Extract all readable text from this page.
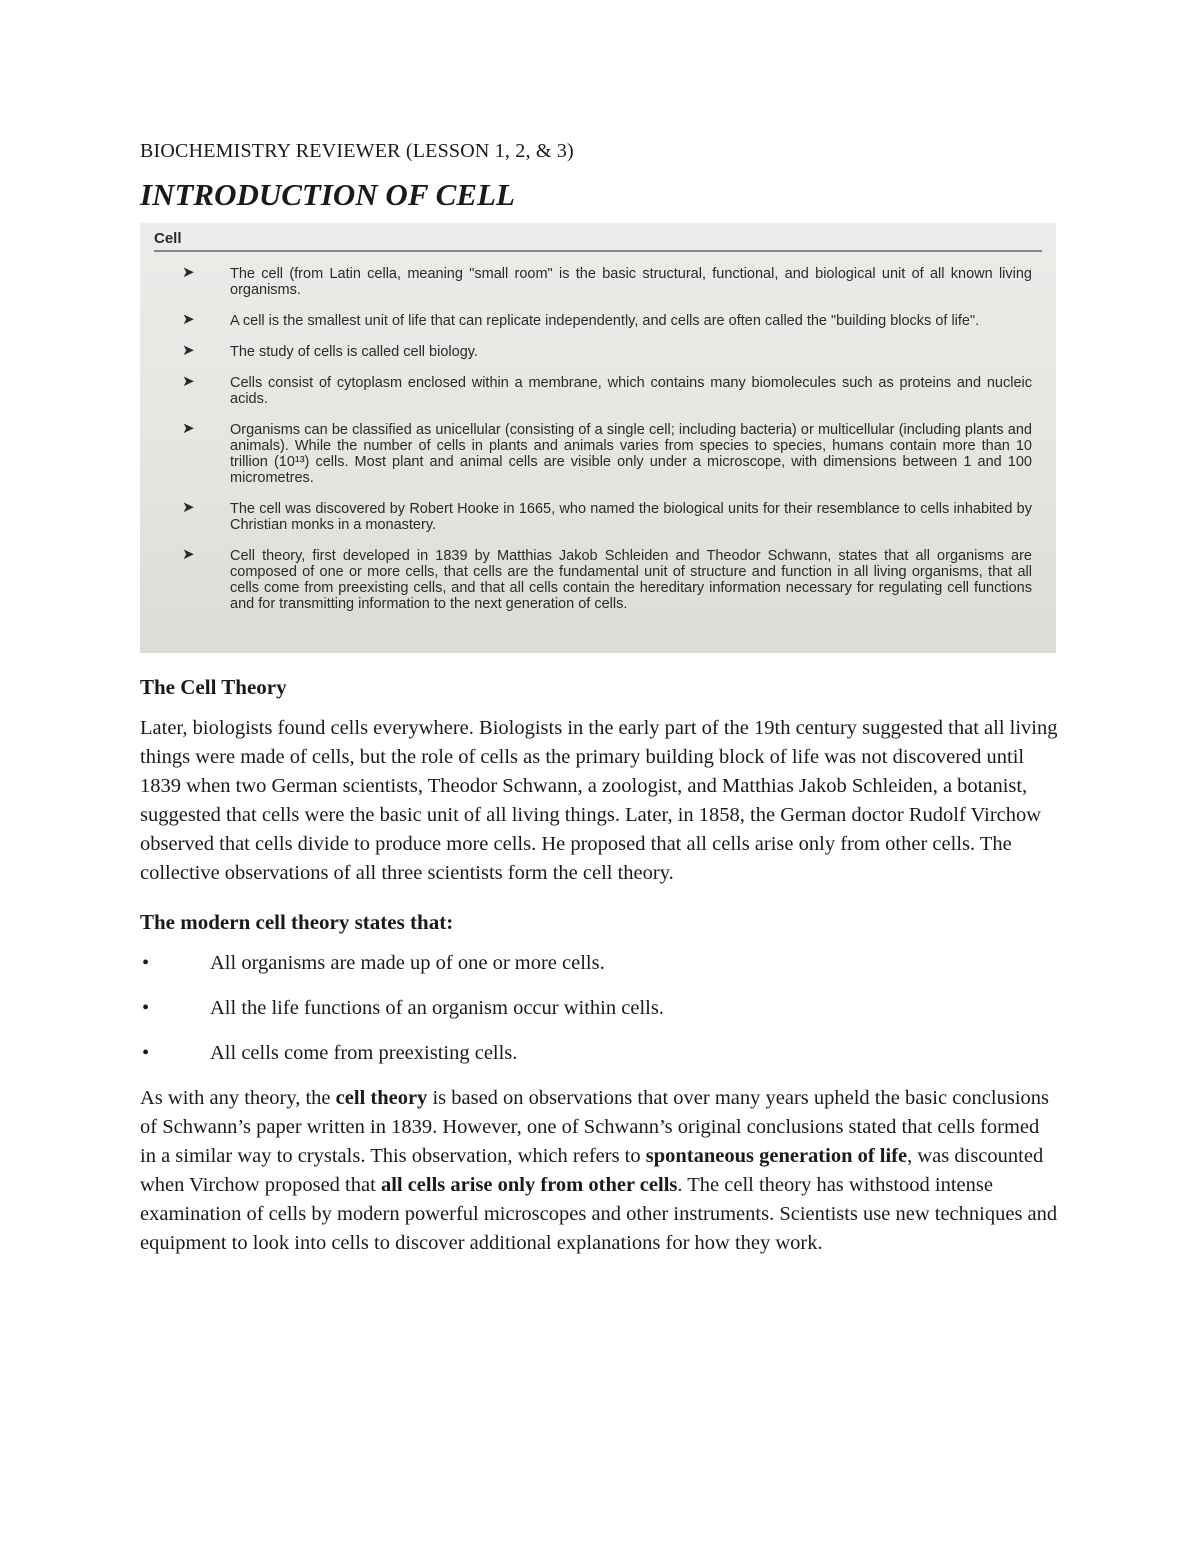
BIOCHEMISTRY REVIEWER (LESSON 1, 2, & 3)
INTRODUCTION OF CELL
Cell
➤ The cell (from Latin cella, meaning "small room" is the basic structural, functional, and biological unit of all known living organisms.
➤ A cell is the smallest unit of life that can replicate independently, and cells are often called the "building blocks of life".
➤ The study of cells is called cell biology.
➤ Cells consist of cytoplasm enclosed within a membrane, which contains many biomolecules such as proteins and nucleic acids.
➤ Organisms can be classified as unicellular (consisting of a single cell; including bacteria) or multicellular (including plants and animals). While the number of cells in plants and animals varies from species to species, humans contain more than 10 trillion (10¹³) cells. Most plant and animal cells are visible only under a microscope, with dimensions between 1 and 100 micrometres.
➤ The cell was discovered by Robert Hooke in 1665, who named the biological units for their resemblance to cells inhabited by Christian monks in a monastery.
➤ Cell theory, first developed in 1839 by Matthias Jakob Schleiden and Theodor Schwann, states that all organisms are composed of one or more cells, that cells are the fundamental unit of structure and function in all living organisms, that all cells come from preexisting cells, and that all cells contain the hereditary information necessary for regulating cell functions and for transmitting information to the next generation of cells.
The Cell Theory

Later, biologists found cells everywhere. Biologists in the early part of the 19th century suggested that all living things were made of cells, but the role of cells as the primary building block of life was not discovered until 1839 when two German scientists, Theodor Schwann, a zoologist, and Matthias Jakob Schleiden, a botanist, suggested that cells were the basic unit of all living things. Later, in 1858, the German doctor Rudolf Virchow observed that cells divide to produce more cells. He proposed that all cells arise only from other cells. The collective observations of all three scientists form the cell theory.

The modern cell theory states that:
•	All organisms are made up of one or more cells.
•	All the life functions of an organism occur within cells.
•	All cells come from preexisting cells.

As with any theory, the cell theory is based on observations that over many years upheld the basic conclusions of Schwann’s paper written in 1839. However, one of Schwann’s original conclusions stated that cells formed in a similar way to crystals. This observation, which refers to spontaneous generation of life, was discounted when Virchow proposed that all cells arise only from other cells. The cell theory has withstood intense examination of cells by modern powerful microscopes and other instruments. Scientists use new techniques and equipment to look into cells to discover additional explanations for how they work.
